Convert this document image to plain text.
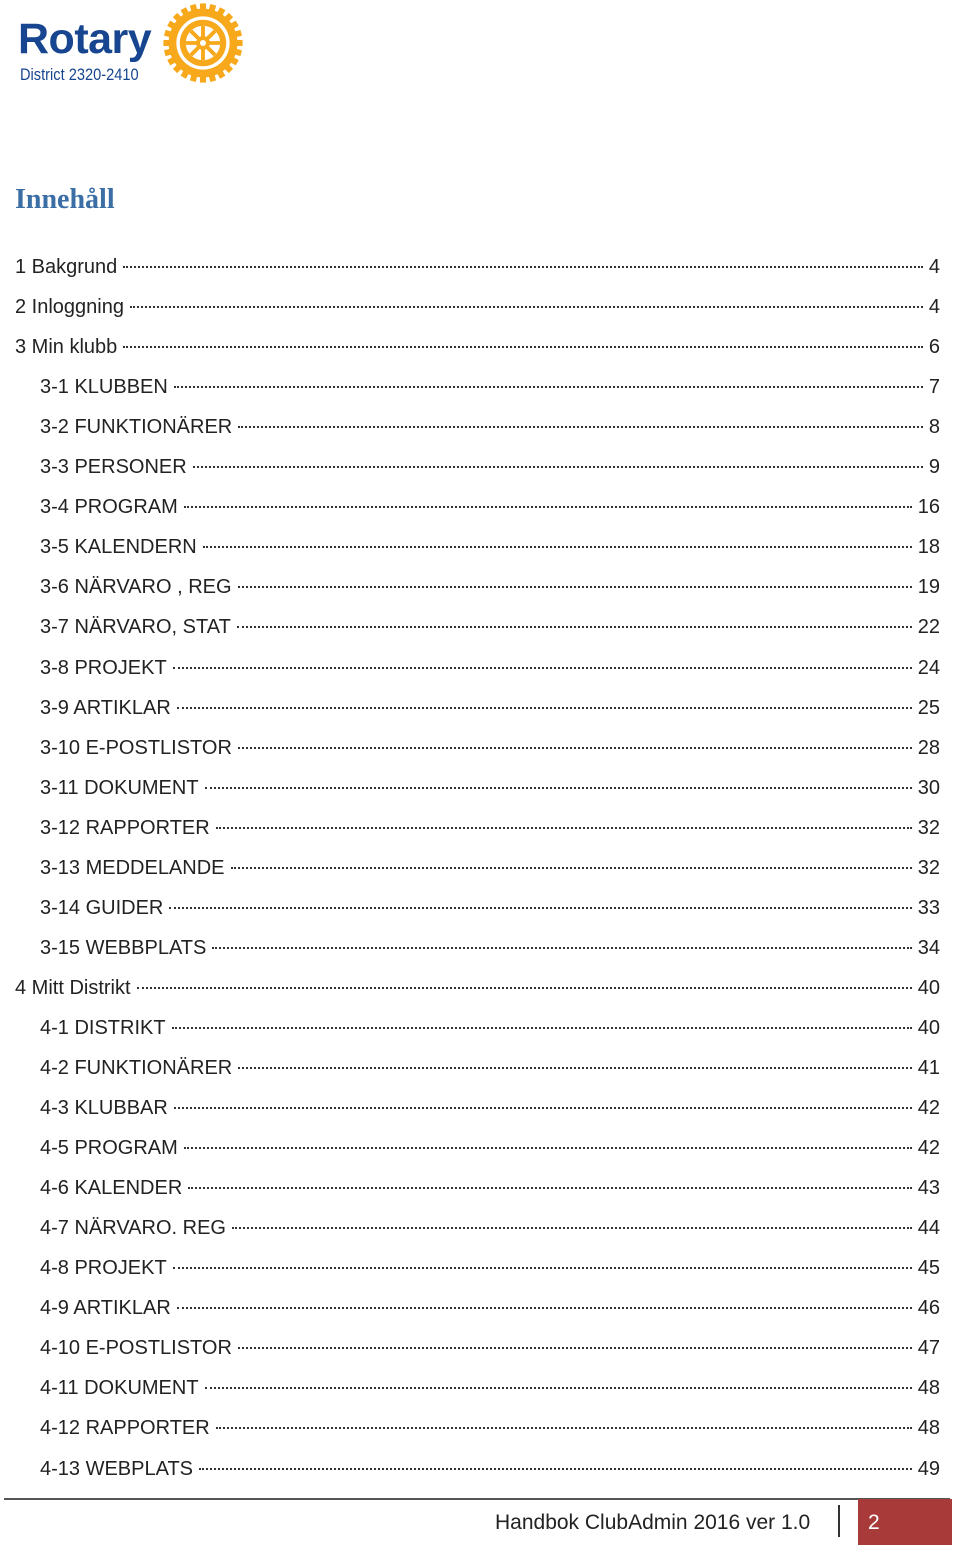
Rotary
District 2320-2410
Innehåll
1 Bakgrund	4
2 Inloggning	4
3 Min klubb	6
3-1 KLUBBEN	7
3-2 FUNKTIONÄRER	8
3-3 PERSONER	9
3-4 PROGRAM	16
3-5 KALENDERN	18
3-6 NÄRVARO , REG	19
3-7 NÄRVARO, STAT	22
3-8 PROJEKT	24
3-9 ARTIKLAR	25
3-10 E-POSTLISTOR	28
3-11 DOKUMENT	30
3-12 RAPPORTER	32
3-13 MEDDELANDE	32
3-14 GUIDER	33
3-15 WEBBPLATS	34
4 Mitt Distrikt	40
4-1 DISTRIKT	40
4-2 FUNKTIONÄRER	41
4-3 KLUBBAR	42
4-5 PROGRAM	42
4-6 KALENDER	43
4-7 NÄRVARO. REG	44
4-8 PROJEKT	45
4-9 ARTIKLAR	46
4-10 E-POSTLISTOR	47
4-11 DOKUMENT	48
4-12 RAPPORTER	48
4-13 WEBPLATS	49
Handbok ClubAdmin 2016 ver 1.0	2
